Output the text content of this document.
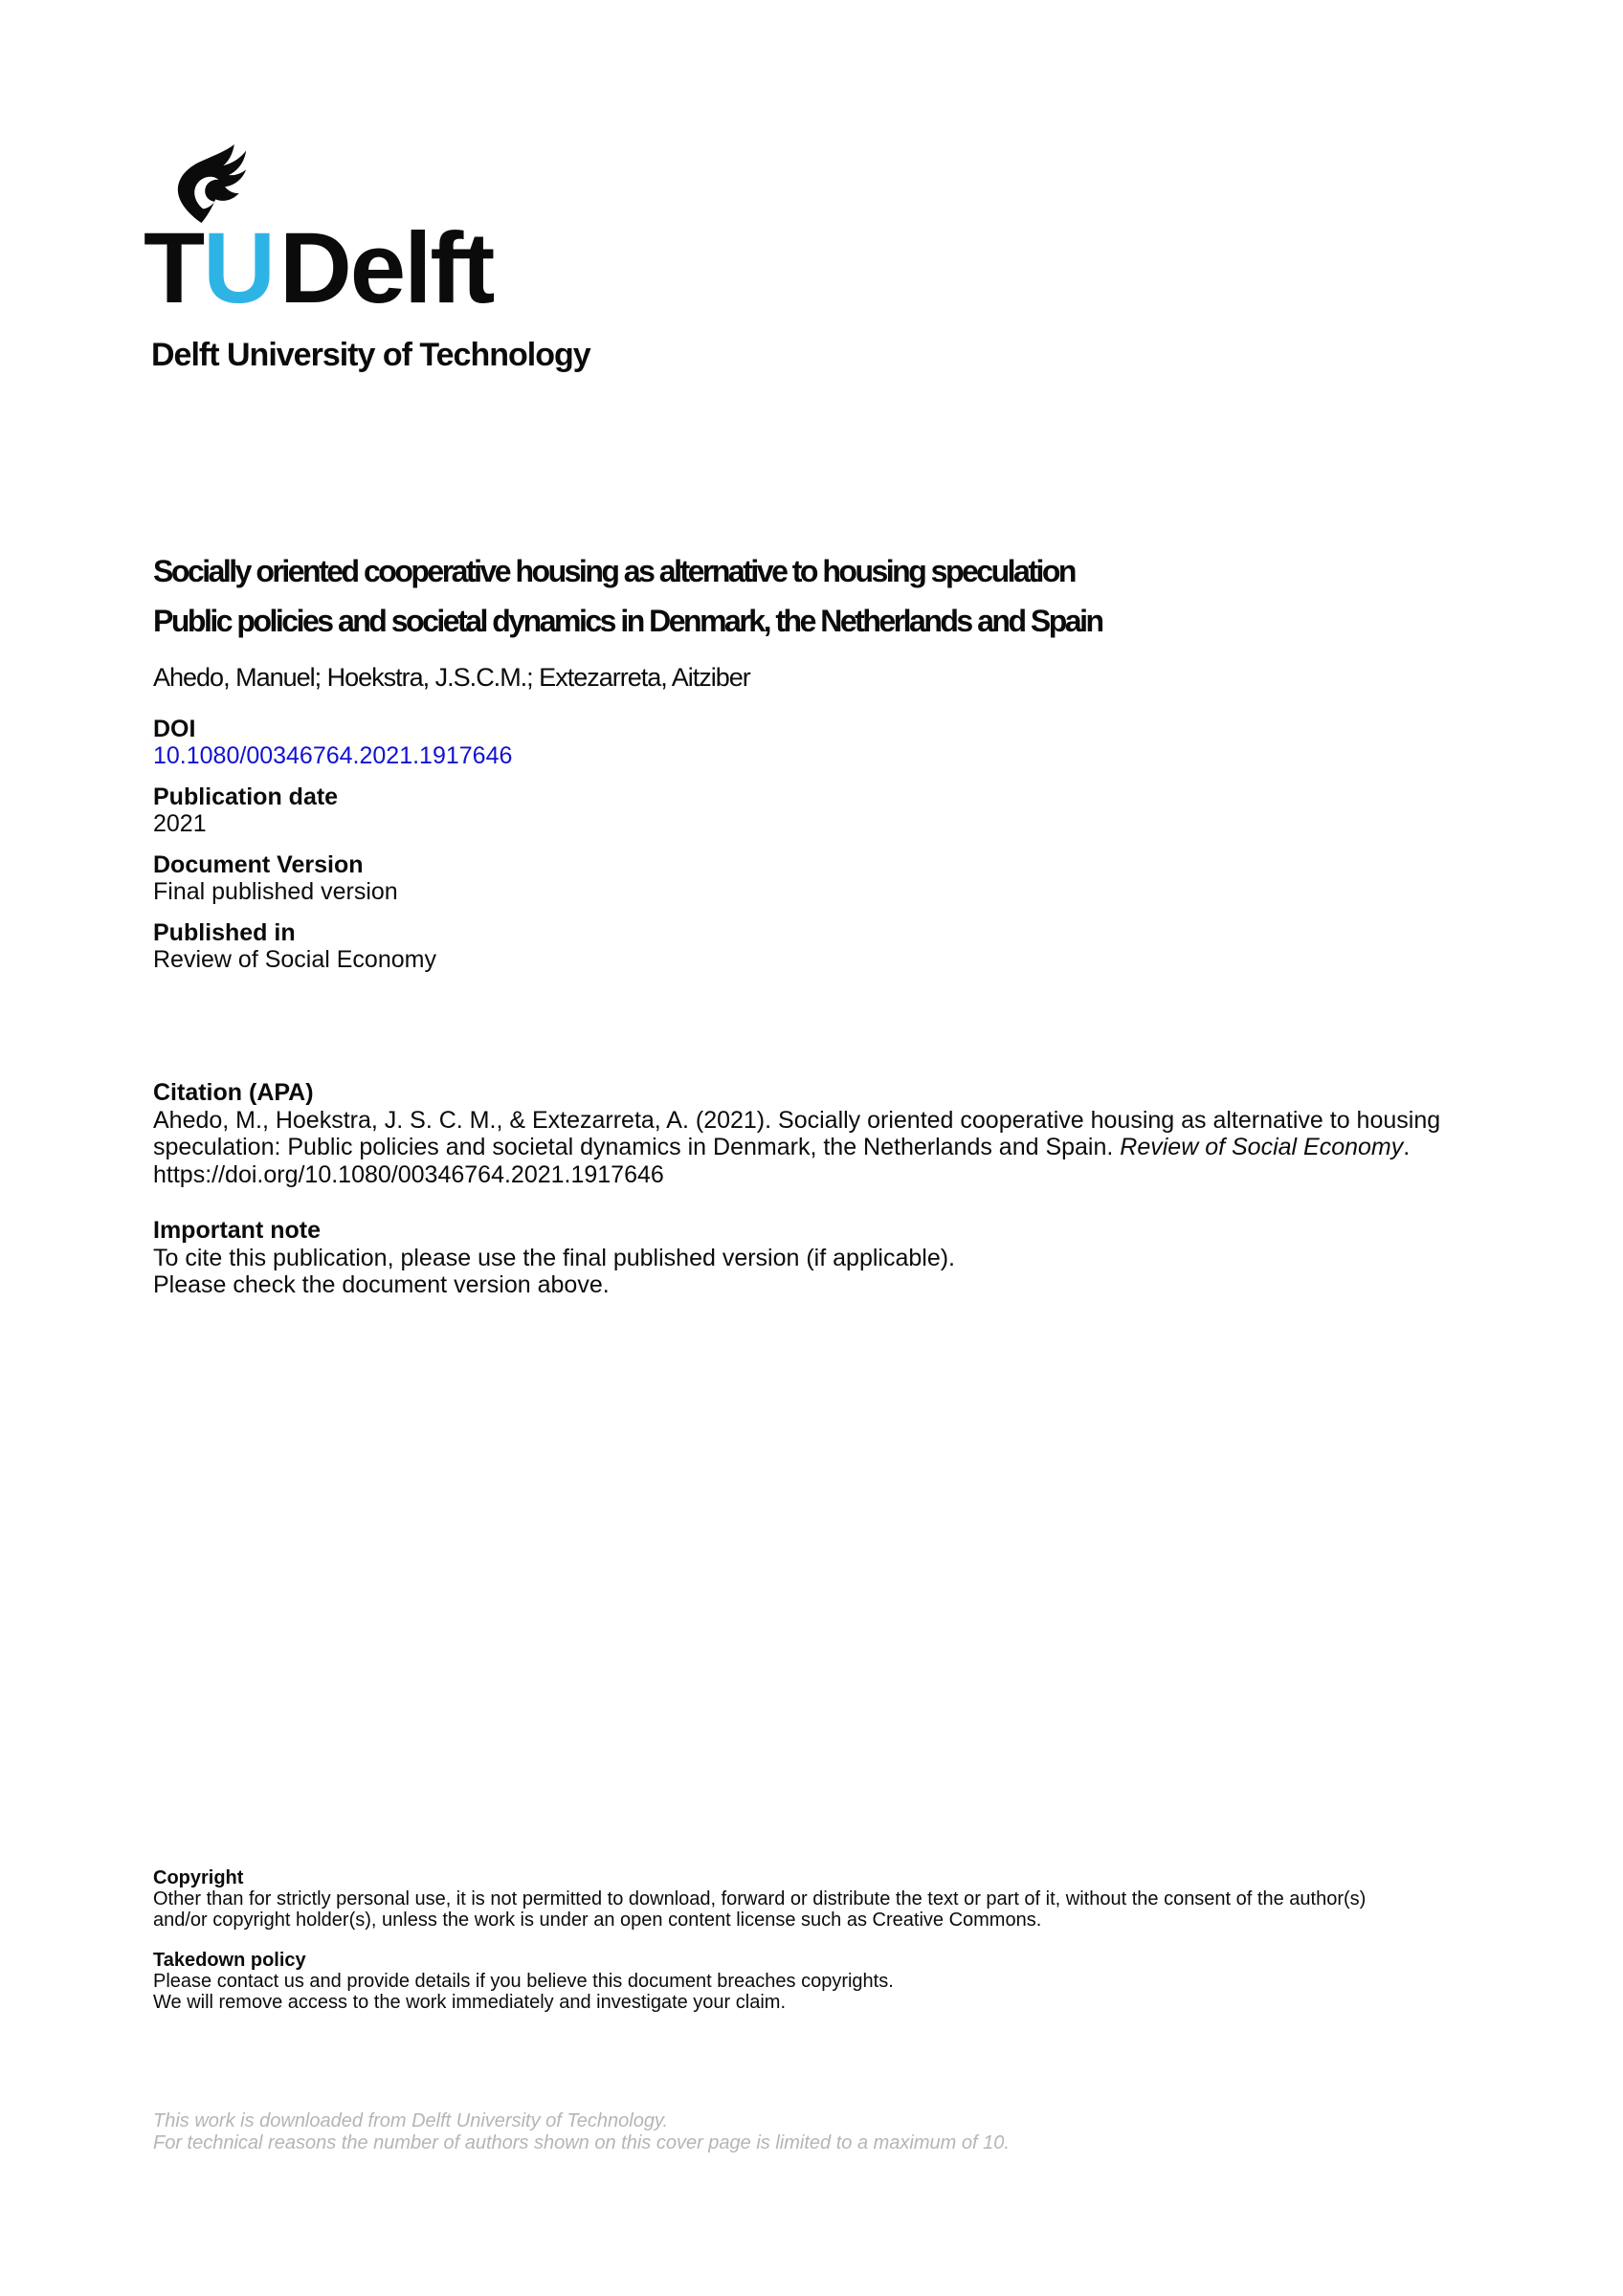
TUDelft
Delft University of Technology
Socially oriented cooperative housing as alternative to housing speculation
Public policies and societal dynamics in Denmark, the Netherlands and Spain
Ahedo, Manuel; Hoekstra, J.S.C.M.; Extezarreta, Aitziber
DOI
10.1080/00346764.2021.1917646
Publication date
2021
Document Version
Final published version
Published in
Review of Social Economy
Citation (APA)
Ahedo, M., Hoekstra, J. S. C. M., & Extezarreta, A. (2021). Socially oriented cooperative housing as alternative to housing speculation: Public policies and societal dynamics in Denmark, the Netherlands and Spain. Review of Social Economy. https://doi.org/10.1080/00346764.2021.1917646
Important note
To cite this publication, please use the final published version (if applicable).
Please check the document version above.
Copyright
Other than for strictly personal use, it is not permitted to download, forward or distribute the text or part of it, without the consent of the author(s) and/or copyright holder(s), unless the work is under an open content license such as Creative Commons.
Takedown policy
Please contact us and provide details if you believe this document breaches copyrights.
We will remove access to the work immediately and investigate your claim.
This work is downloaded from Delft University of Technology.
For technical reasons the number of authors shown on this cover page is limited to a maximum of 10.
